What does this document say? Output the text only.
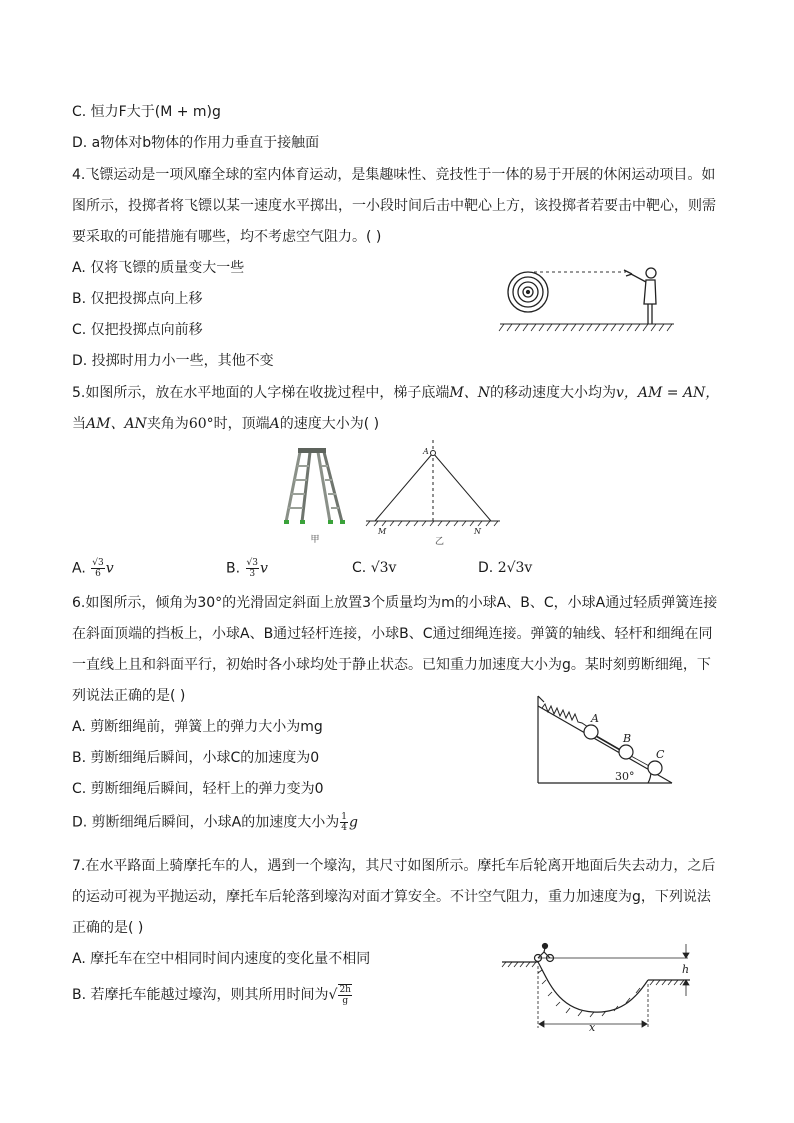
C. 恒力F大于(M + m)g
D. a物体对b物体的作用力垂直于接触面
4.飞镖运动是一项风靡全球的室内体育运动，是集趣味性、竞技性于一体的易于开展的休闲运动项目。如
图所示，投掷者将飞镖以某一速度水平掷出，一小段时间后击中靶心上方，该投掷者若要击中靶心，则需
要采取的可能措施有哪些，均不考虑空气阻力。( )
A. 仅将飞镖的质量变大一些
B. 仅把投掷点向上移
C. 仅把投掷点向前移
D. 投掷时用力小一些，其他不变
5.如图所示，放在水平地面的人字梯在收拢过程中，梯子底端M、N的移动速度大小均为v，AM = AN，
当AM、AN夹角为60°时，顶端A的速度大小为( )
甲
A
M	N
乙
A. $\frac{√3}{6}$ v	B. $\frac{√3}{3}$ v	C. √3v	D. 2√3v
6.如图所示，倾角为30°的光滑固定斜面上放置3个质量均为m的小球A、B、C，小球A通过轻质弹簧连接
在斜面顶端的挡板上，小球A、B通过轻杆连接，小球B、C通过细绳连接。弹簧的轴线、轻杆和细绳在同
一直线上且和斜面平行，初始时各小球均处于静止状态。已知重力加速度大小为g。某时刻剪断细绳，下
列说法正确的是( )
A. 剪断细绳前，弹簧上的弹力大小为mg
B. 剪断细绳后瞬间，小球C的加速度为0
C. 剪断细绳后瞬间，轻杆上的弹力变为0
D. 剪断细绳后瞬间，小球A的加速度大小为 $\frac{1}{4}$ g
A
B
C
30°
7.在水平路面上骑摩托车的人，遇到一个壕沟，其尺寸如图所示。摩托车后轮离开地面后失去动力，之后
的运动可视为平抛运动，摩托车后轮落到壕沟对面才算安全。不计空气阻力，重力加速度为g，下列说法
正确的是( )
A. 摩托车在空中相同时间内速度的变化量不相同
B. 若摩托车能越过壕沟，则其所用时间为√ $\frac{2h}{g}$
h
x
